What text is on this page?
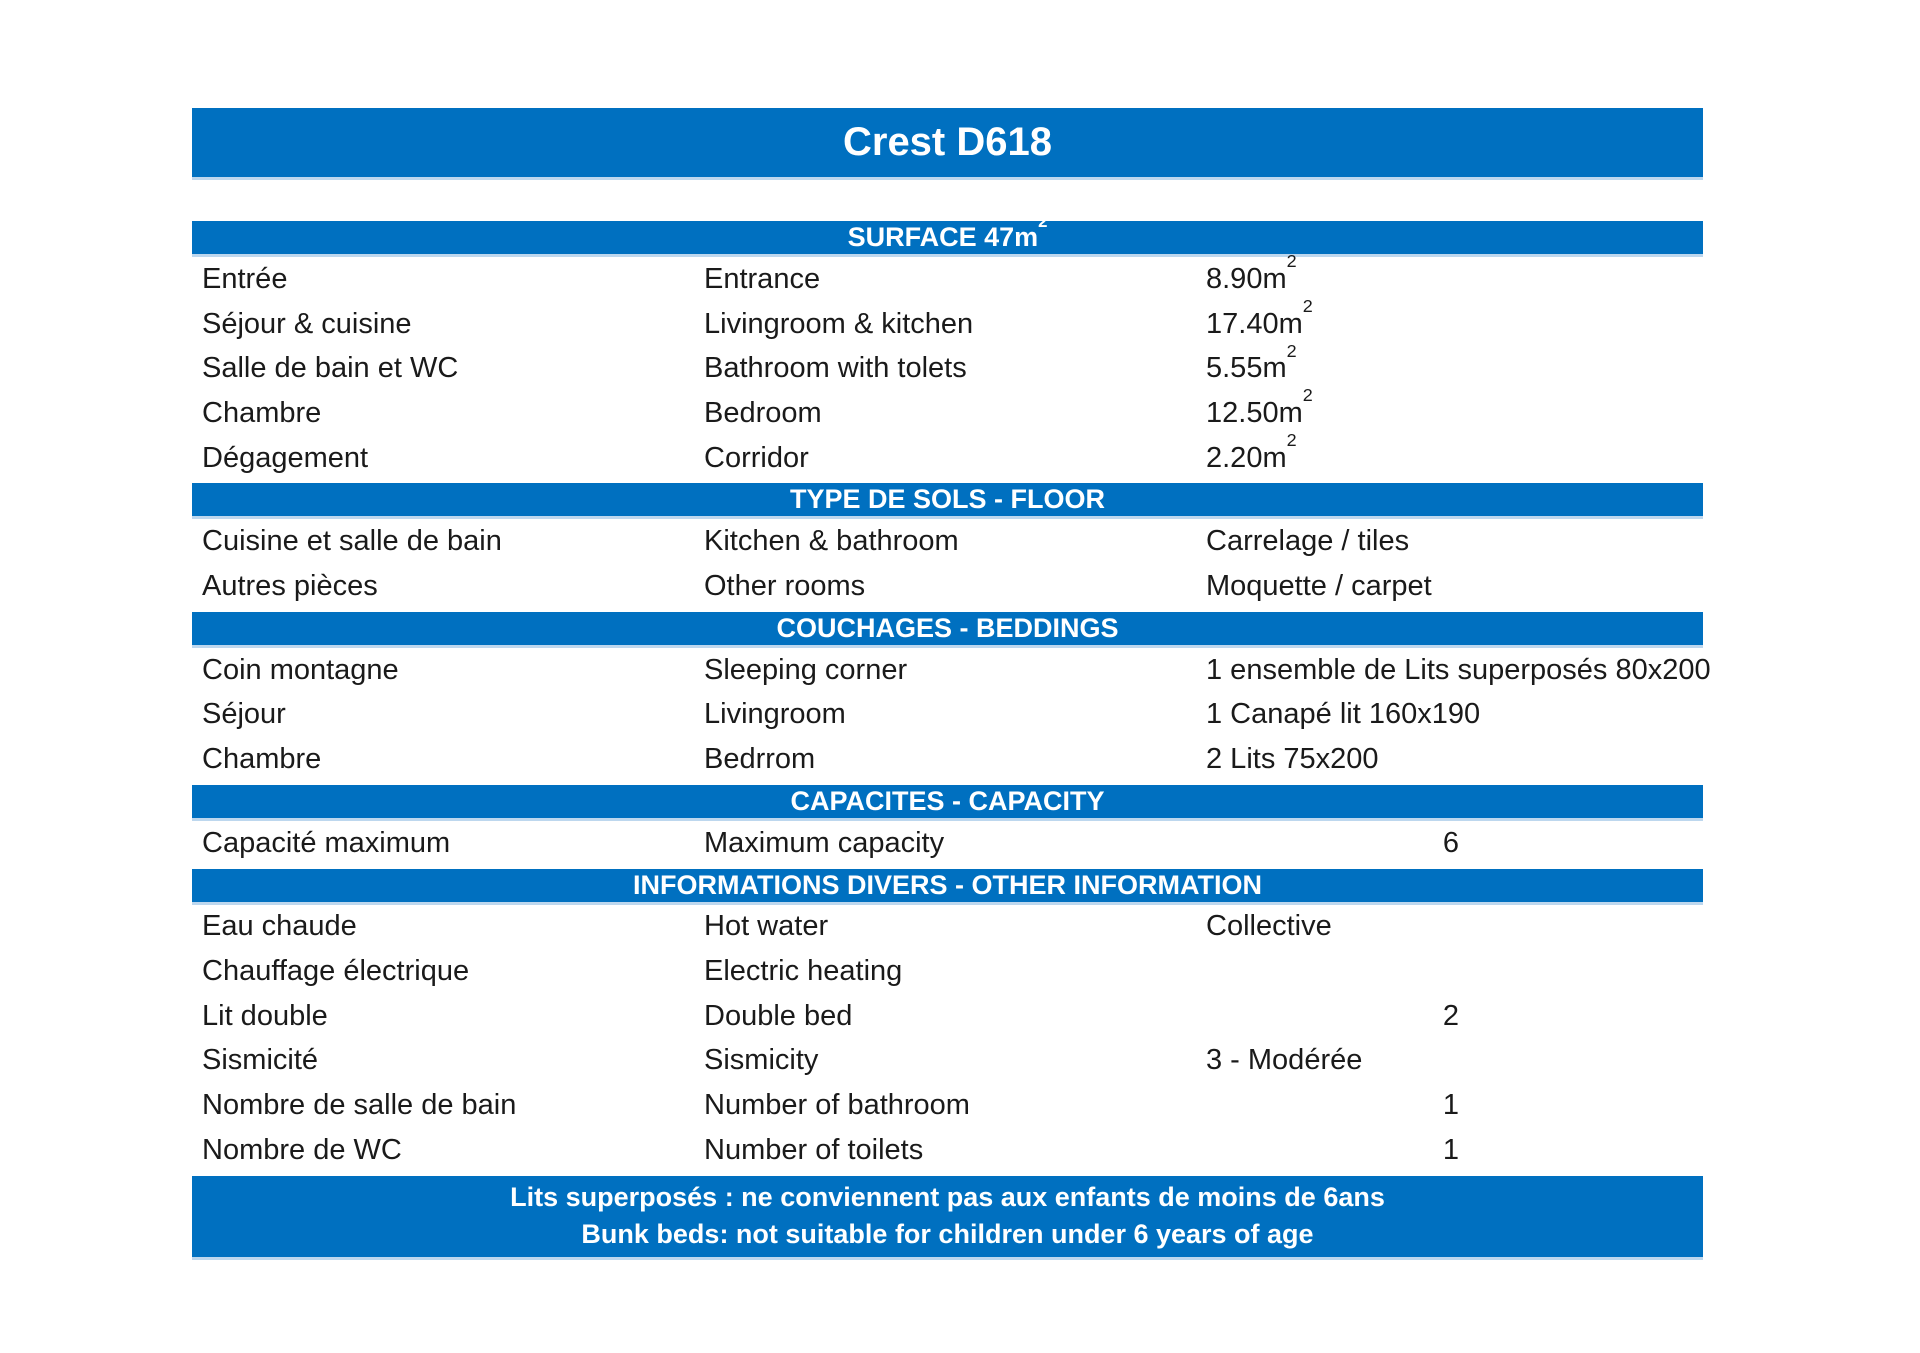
Crest D618
SURFACE $47m^2$
Entrée	Entrance	$8.90m^2$
Séjour & cuisine	Livingroom & kitchen	$17.40m^2$
Salle de bain et WC	Bathroom with tolets	$5.55m^2$
Chambre	Bedroom	$12.50m^2$
Dégagement	Corridor	$2.20m^2$
TYPE DE SOLS - FLOOR
Cuisine et salle de bain	Kitchen & bathroom	Carrelage / tiles
Autres pièces	Other rooms	Moquette / carpet
COUCHAGES - BEDDINGS
Coin montagne	Sleeping corner	1 ensemble de Lits superposés 80x200
Séjour	Livingroom	1 Canapé lit 160x190
Chambre	Bedrrom	2 Lits 75x200
CAPACITES - CAPACITY
Capacité maximum	Maximum capacity	6
INFORMATIONS DIVERS - OTHER INFORMATION
Eau chaude	Hot water	Collective
Chauffage électrique	Electric heating
Lit double	Double bed	2
Sismicité	Sismicity	3 - Modérée
Nombre de salle de bain	Number of bathroom	1
Nombre de WC	Number of toilets	1
Lits superposés : ne conviennent pas aux enfants de moins de 6ans
Bunk beds: not suitable for children under 6 years of age
